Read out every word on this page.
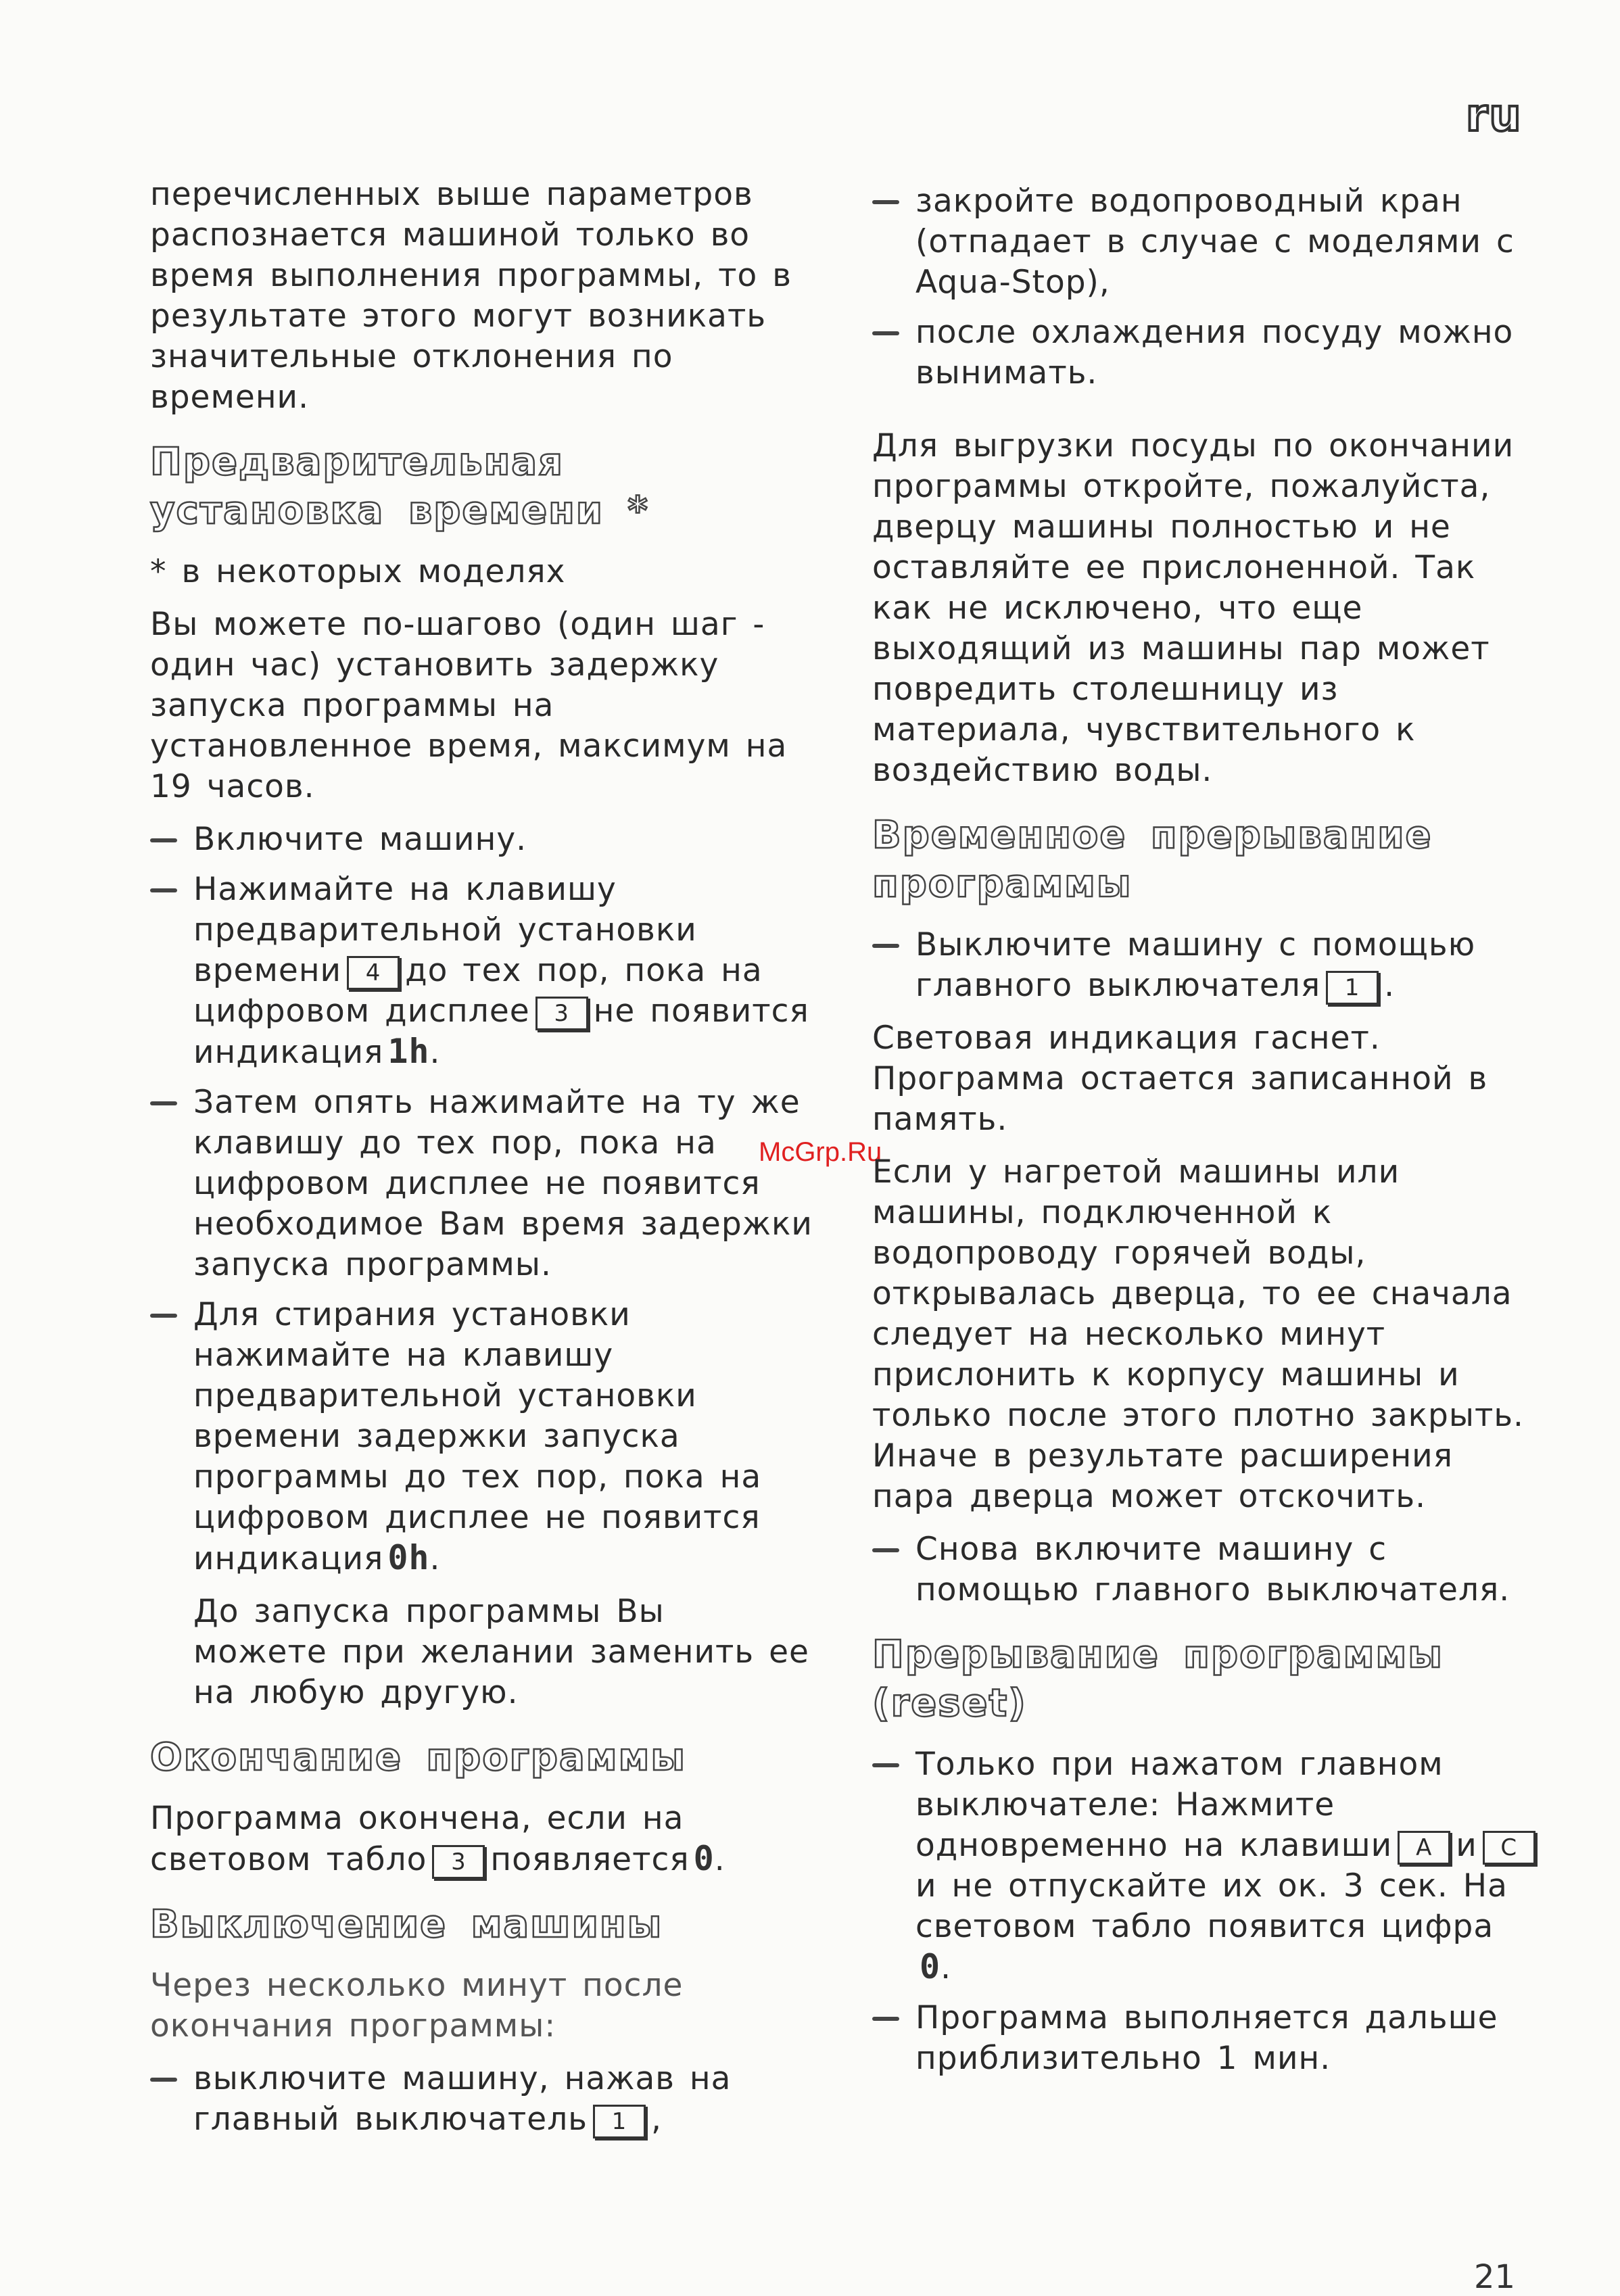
ru
McGrp.Ru
21

перечисленных выше параметров распознается машиной только во время выполнения программы, то в результате этого могут возникать значительные отклонения по времени.

Предварительная установка времени *

* в некоторых моделях

Вы можете по-шагово (один шаг - один час) установить задержку запуска программы на установленное время, максимум на 19 часов.

Включите машину.
Нажимайте на клавишу предварительной установки времени 4 до тех пор, пока на цифровом дисплее 3 не появится индикация 1h.
Затем опять нажимайте на ту же клавишу до тех пор, пока на цифровом дисплее не появится необходимое Вам время задержки запуска программы.
Для стирания установки нажимайте на клавишу предварительной установки времени задержки запуска программы до тех пор, пока на цифровом дисплее не появится индикация 0h.

До запуска программы Вы можете при желании заменить ее на любую другую.

Окончание программы

Программа окончена, если на световом табло 3 появляется 0.

Выключение машины

Через несколько минут после окончания программы:

выключите машину, нажав на главный выключатель 1 ,
закройте водопроводный кран (отпадает в случае с моделями с Aqua-Stop),
после охлаждения посуду можно вынимать.

Для выгрузки посуды по окончании программы откройте, пожалуйста, дверцу машины полностью и не оставляйте ее прислоненной. Так как не исключено, что еще выходящий из машины пар может повредить столешницу из материала, чувствительного к воздействию воды.

Временное прерывание программы
Выключите машину с помощью главного выключателя 1 .

Световая индикация гаснет. Программа остается записанной в память.

Если у нагретой машины или машины, подключенной к водопроводу горячей воды, открывалась дверца, то ее сначала следует на несколько минут прислонить к корпусу машины и только после этого плотно закрыть. Иначе в результате расширения пара дверца может отскочить.

Снова включите машину с помощью главного выключателя.
Прерывание программы (reset)
Только при нажатом главном выключателе: Нажмите одновременно на клавиши A и Cи не отпускайте их ок. 3 сек. На световом табло появится цифра 0.
Программа выполняется дальше приблизительно 1 мин.
